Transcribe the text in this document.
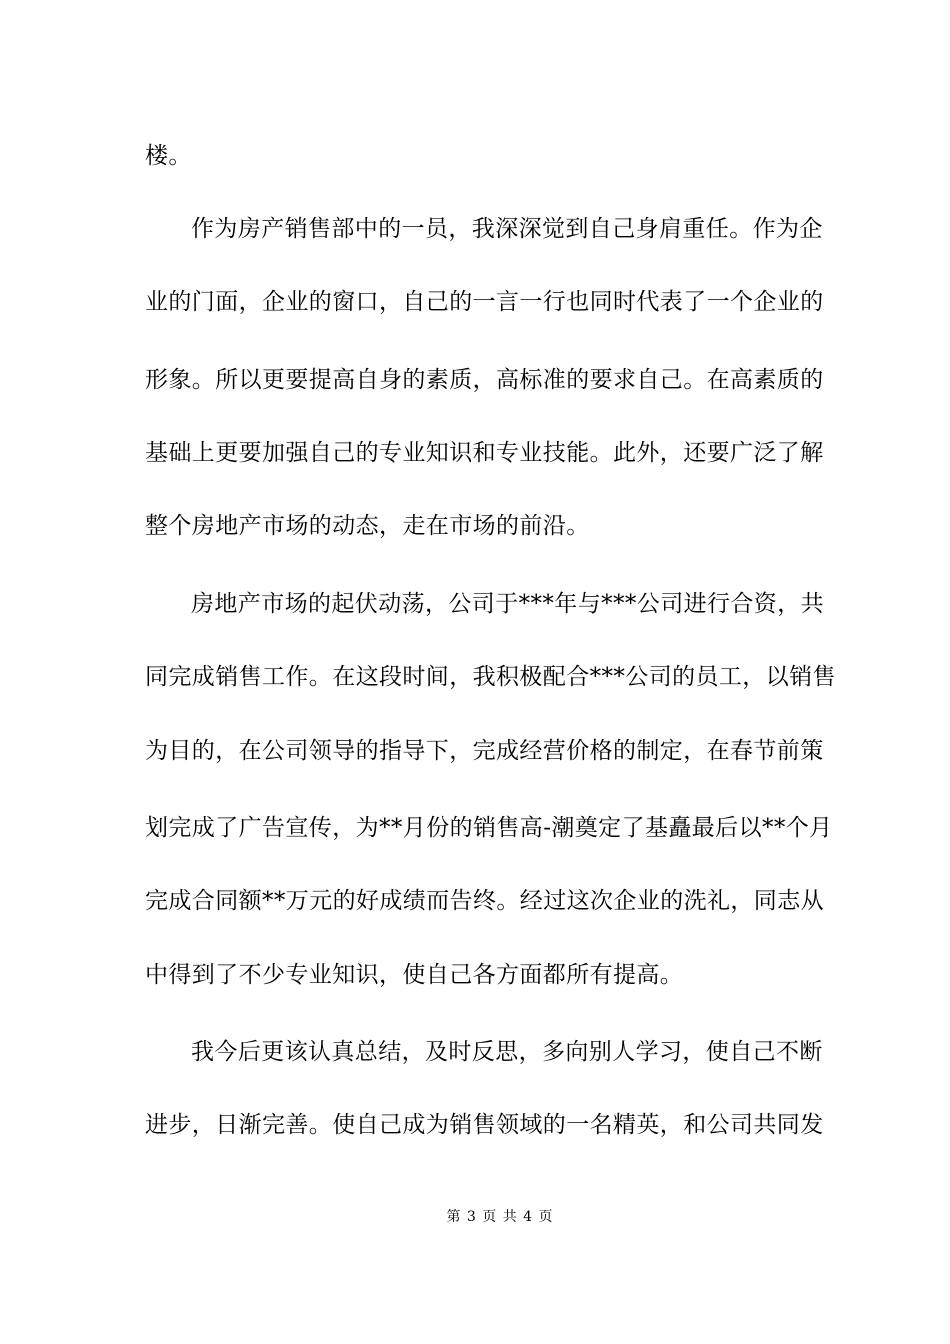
楼。
作为房产销售部中的一员，我深深觉到自己身肩重任。作为企
业的门面，企业的窗口，自己的一言一行也同时代表了一个企业的
形象。所以更要提高自身的素质，高标准的要求自己。在高素质的
基础上更要加强自己的专业知识和专业技能。此外，还要广泛了解
整个房地产市场的动态，走在市场的前沿。
房地产市场的起伏动荡，公司于***年与***公司进行合资，共
同完成销售工作。在这段时间，我积极配合***公司的员工，以销售
为目的，在公司领导的指导下，完成经营价格的制定，在春节前策
划完成了广告宣传，为**月份的销售高-潮奠定了基矗最后以**个月
完成合同额**万元的好成绩而告终。经过这次企业的洗礼，同志从
中得到了不少专业知识，使自己各方面都所有提高。
我今后更该认真总结，及时反思，多向别人学习，使自己不断
进步，日渐完善。使自己成为销售领域的一名精英，和公司共同发
第 3 页 共 4 页
